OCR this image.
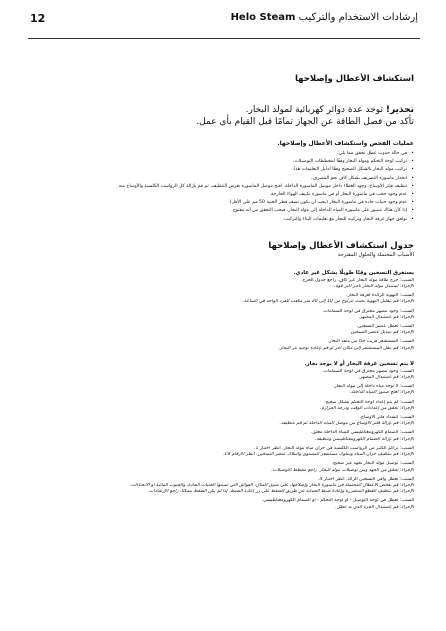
12	إرشادات الاستخدام والتركيب Helo Steam

استكشاف الأعطال وإصلاحها

تحذير! توجد عدة دوائر كهربائية لمولد البخار.

تأكد من فصل الطاقة عن الجهاز تمامًا قبل القيام بأي عمل.

عمليات الفحص واستكشاف الأعطال وإصلاحها.

• في حالة حدوث عطل تحقق مما يلي:
• تركيب لوحة التحكم ومولد البخار وفقًا لمخططات التوصيلات.
• تركيب مولد البخار بالشكل الصحيح وفقًا لدليل التعليمات هذا.
• انحدار ماسورة التصريف بشكل كاف نحو المصرف.
• تنظيف فلتر الأوساخ. وجود الغطاء داخل موصل الماسورة الداخلة. افتح موصل الماسورة بغرض التنظيف، ثم قم بإزالة كل الرواسب الكلسية والأوساخ منه.
• عدم وجود حجب في ماسورة البخار أو في ماسورة تكييف الهواء الخارجة.
• عدم وجود حنيات حادة في ماسورة البخار (يجب أن يكون نصف قطر الحنية 50 مم على الأقل).
• إذا كان هناك صنبور على ماسورة المياه الداخلة إلى مولد البخار، فيجب التحقق من أنه مفتوح.
• توافق جهاز غرفة البخار وتركيبه للبخار مع تعليمات البناء والتركيب.

جدول استكشاف الأعطال وإصلاحها

الأسباب المحتملة والحلول المقترحة

يستغرق التسخين وقتًا طويلًا بشكل غير عادي.

السبب: خرج طاقة مولد البخار غير كافٍ. راجع جدول الخرج.
الإجراء: استبدل مولد البخار بآخر أكبر قوة.
السبب: التهوية الزائدة لغرفة البخار.
الإجراء: قم بتقليل التهوية بحيث تتراوح من 10 إلى 20 متر مكعب للفرد الواحد في الساعة.
السبب: وجود مصهر محترق في لوحة الصمامات.
الإجراء: قم باستبدال المصهر.
السبب: تعطل عنصر التسخين.
الإجراء: قم بتبديل عنصر التسخين.
السبب: المستشعر قريب جدًا من منفذ البخار.
الإجراء: قم بنقل المستشعر إلى مكان آخر أو قم بإعادة توجيه نثر البخار.

لا يتم تسخين غرفة البخار أو لا يوجد بخار.

السبب: وجود مصهر محترق في لوحة الصمامات.
الإجراء: قم باستبدال المصهر.
السبب: لا توجد مياه داخلة إلى مولد البخار.
الإجراء: افتح صنبور المياه الداخلة.
السبب: لم يتم إعداد لوحة التحكم بشكل صحيح.
الإجراء: تحقق من إعدادات الوقت ودرجة الحرارة.
السبب: انسداد فلتر الأوساخ.
الإجراء: قم بإزالة فلتر الأوساخ من موصل المياه الداخلة ثم قم بتنظيفه.
السبب: الصمام الكهرومغناطيسي للمياه الداخلة مغلق.
الإجراء: قم بإزالة الصمام الكهرومغناطيسي وتنظيفه.
السبب: تراكم الكثير من الرواسب الكلسية في خزان مياه مولد البخار. انظر اختبار 1.
الإجراء: قم بتنظيف خزان المياه وسلوك مستشعر المستوى وأسلاك عنصر التسخين. انظر الأرقام 19.
السبب: توصيل مولد البخار بجهد غير صحيح.
الإجراء: تحقق من الجهد ومن توصيلات مولد البخار. راجع مخطط التوصيلات.
السبب: تعطل واقي التسخين الزائد. انظر اختبار 4.
الإجراء: قم بفحص الأعطال المحتملة في ماسورة البخار وإصلاحها، على سبيل المثال، العوائق التي تسببها الحنيات الحادة، والجيوب المائية أو الانحناءات.
الإجراء: قم بتنظيف القطع المتضررة وإعادة ضبط الحماية عن طريق الضغط على زر إعادة الضبط. إذا لم يكن الضغط ممكنًا، راجع الإرشادات.
السبب: تعطل في لوحة التوصيل - أو لوحة التحكم - أو الصمام الكهرومغناطيسي.
الإجراء: قم باستبدال الجزء الذي به عطل.
